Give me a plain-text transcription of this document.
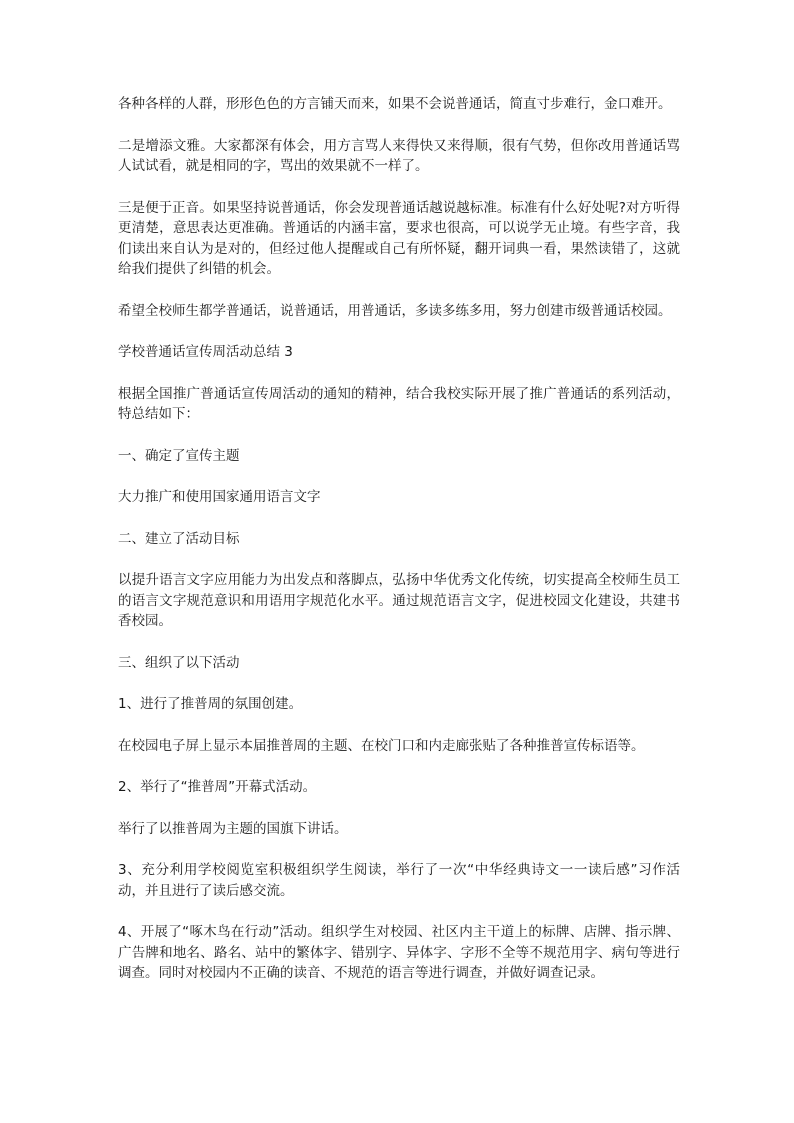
各种各样的人群，形形色色的方言铺天而来，如果不会说普通话，简直寸步难行，金口难开。

二是增添文雅。大家都深有体会，用方言骂人来得快又来得顺，很有气势，但你改用普通话骂人试试看，就是相同的字，骂出的效果就不一样了。

三是便于正音。如果坚持说普通话，你会发现普通话越说越标准。标准有什么好处呢?对方听得更清楚，意思表达更准确。普通话的内涵丰富，要求也很高，可以说学无止境。有些字音，我们读出来自认为是对的，但经过他人提醒或自己有所怀疑，翻开词典一看，果然读错了，这就给我们提供了纠错的机会。

希望全校师生都学普通话，说普通话，用普通话，多读多练多用，努力创建市级普通话校园。

学校普通话宣传周活动总结 3

根据全国推广普通话宣传周活动的通知的精神，结合我校实际开展了推广普通话的系列活动，特总结如下：

一、确定了宣传主题

大力推广和使用国家通用语言文字

二、建立了活动目标

以提升语言文字应用能力为出发点和落脚点，弘扬中华优秀文化传统，切实提高全校师生员工的语言文字规范意识和用语用字规范化水平。通过规范语言文字，促进校园文化建设，共建书香校园。

三、组织了以下活动

1、进行了推普周的氛围创建。

在校园电子屏上显示本届推普周的主题、在校门口和内走廊张贴了各种推普宣传标语等。

2、举行了“推普周”开幕式活动。

举行了以推普周为主题的国旗下讲话。

3、充分利用学校阅览室积极组织学生阅读，举行了一次“中华经典诗文一一读后感”习作活动，并且进行了读后感交流。

4、开展了“啄木鸟在行动”活动。组织学生对校园、社区内主干道上的标牌、店牌、指示牌、广告牌和地名、路名、站中的繁体字、错别字、异体字、字形不全等不规范用字、病句等进行调查。同时对校园内不正确的读音、不规范的语言等进行调查，并做好调查记录。
